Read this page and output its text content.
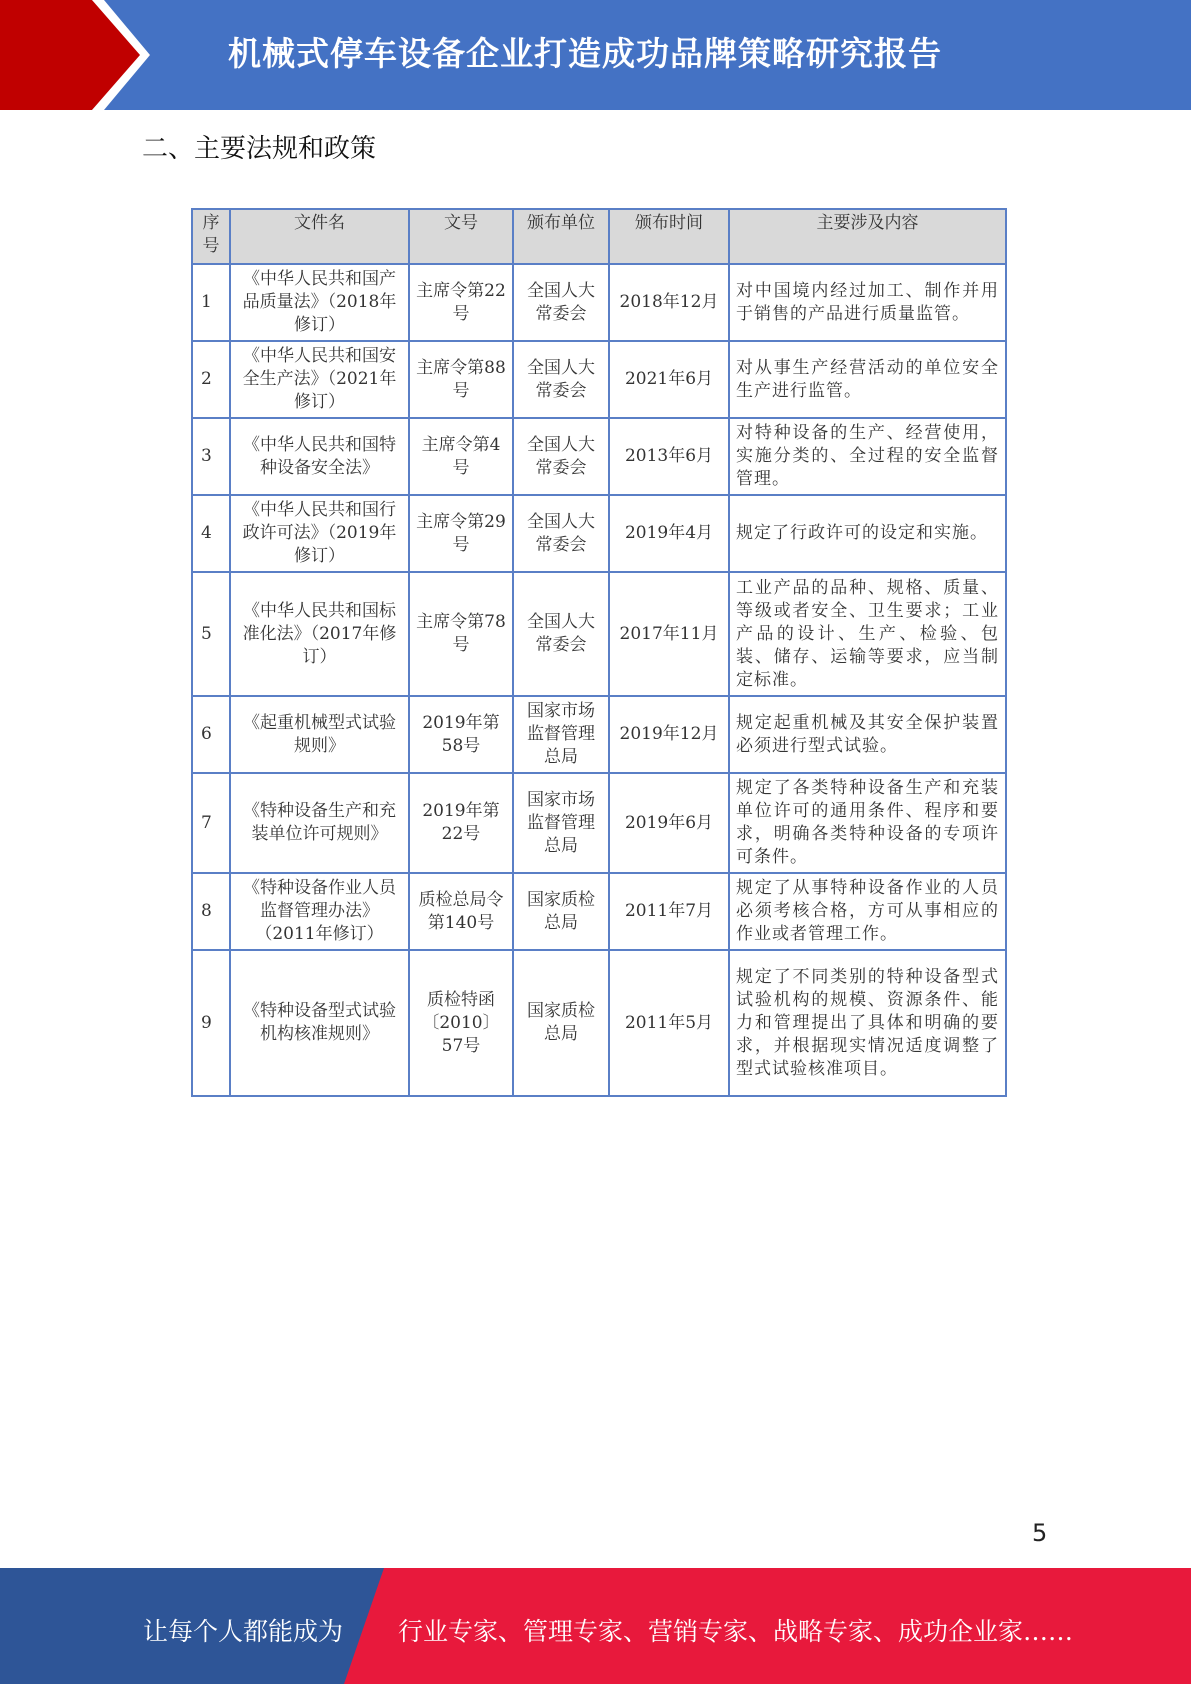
机械式停车设备企业打造成功品牌策略研究报告
二、主要法规和政策
序号	文件名	文号	颁布单位	颁布时间	主要涉及内容
1	《中华人民共和国产品质量法》（2018年修订）	主席令第22号	全国人大常委会	2018年12月	对中国境内经过加工、制作并用于销售的产品进行质量监管。
2	《中华人民共和国安全生产法》（2021年修订）	主席令第88号	全国人大常委会	2021年6月	对从事生产经营活动的单位安全生产进行监管。
3	《中华人民共和国特种设备安全法》	主席令第4号	全国人大常委会	2013年6月	对特种设备的生产、经营使用，实施分类的、全过程的安全监督管理。
4	《中华人民共和国行政许可法》（2019年修订）	主席令第29号	全国人大常委会	2019年4月	规定了行政许可的设定和实施。
5	《中华人民共和国标准化法》（2017年修订）	主席令第78号	全国人大常委会	2017年11月	工业产品的品种、规格、质量、等级或者安全、卫生要求；工业产品的设计、生产、检验、包装、储存、运输等要求，应当制定标准。
6	《起重机械型式试验规则》	2019年第58号	国家市场监督管理总局	2019年12月	规定起重机械及其安全保护装置必须进行型式试验。
7	《特种设备生产和充装单位许可规则》	2019年第22号	国家市场监督管理总局	2019年6月	规定了各类特种设备生产和充装单位许可的通用条件、程序和要求，明确各类特种设备的专项许可条件。
8	《特种设备作业人员监督管理办法》（2011年修订）	质检总局令第140号	国家质检总局	2011年7月	规定了从事特种设备作业的人员必须考核合格，方可从事相应的作业或者管理工作。
9	《特种设备型式试验机构核准规则》	质检特函〔2010〕57号	国家质检总局	2011年5月	规定了不同类别的特种设备型式试验机构的规模、资源条件、能力和管理提出了具体和明确的要求，并根据现实情况适度调整了型式试验核准项目。
5
让每个人都能成为 行业专家、管理专家、营销专家、战略专家、成功企业家……
